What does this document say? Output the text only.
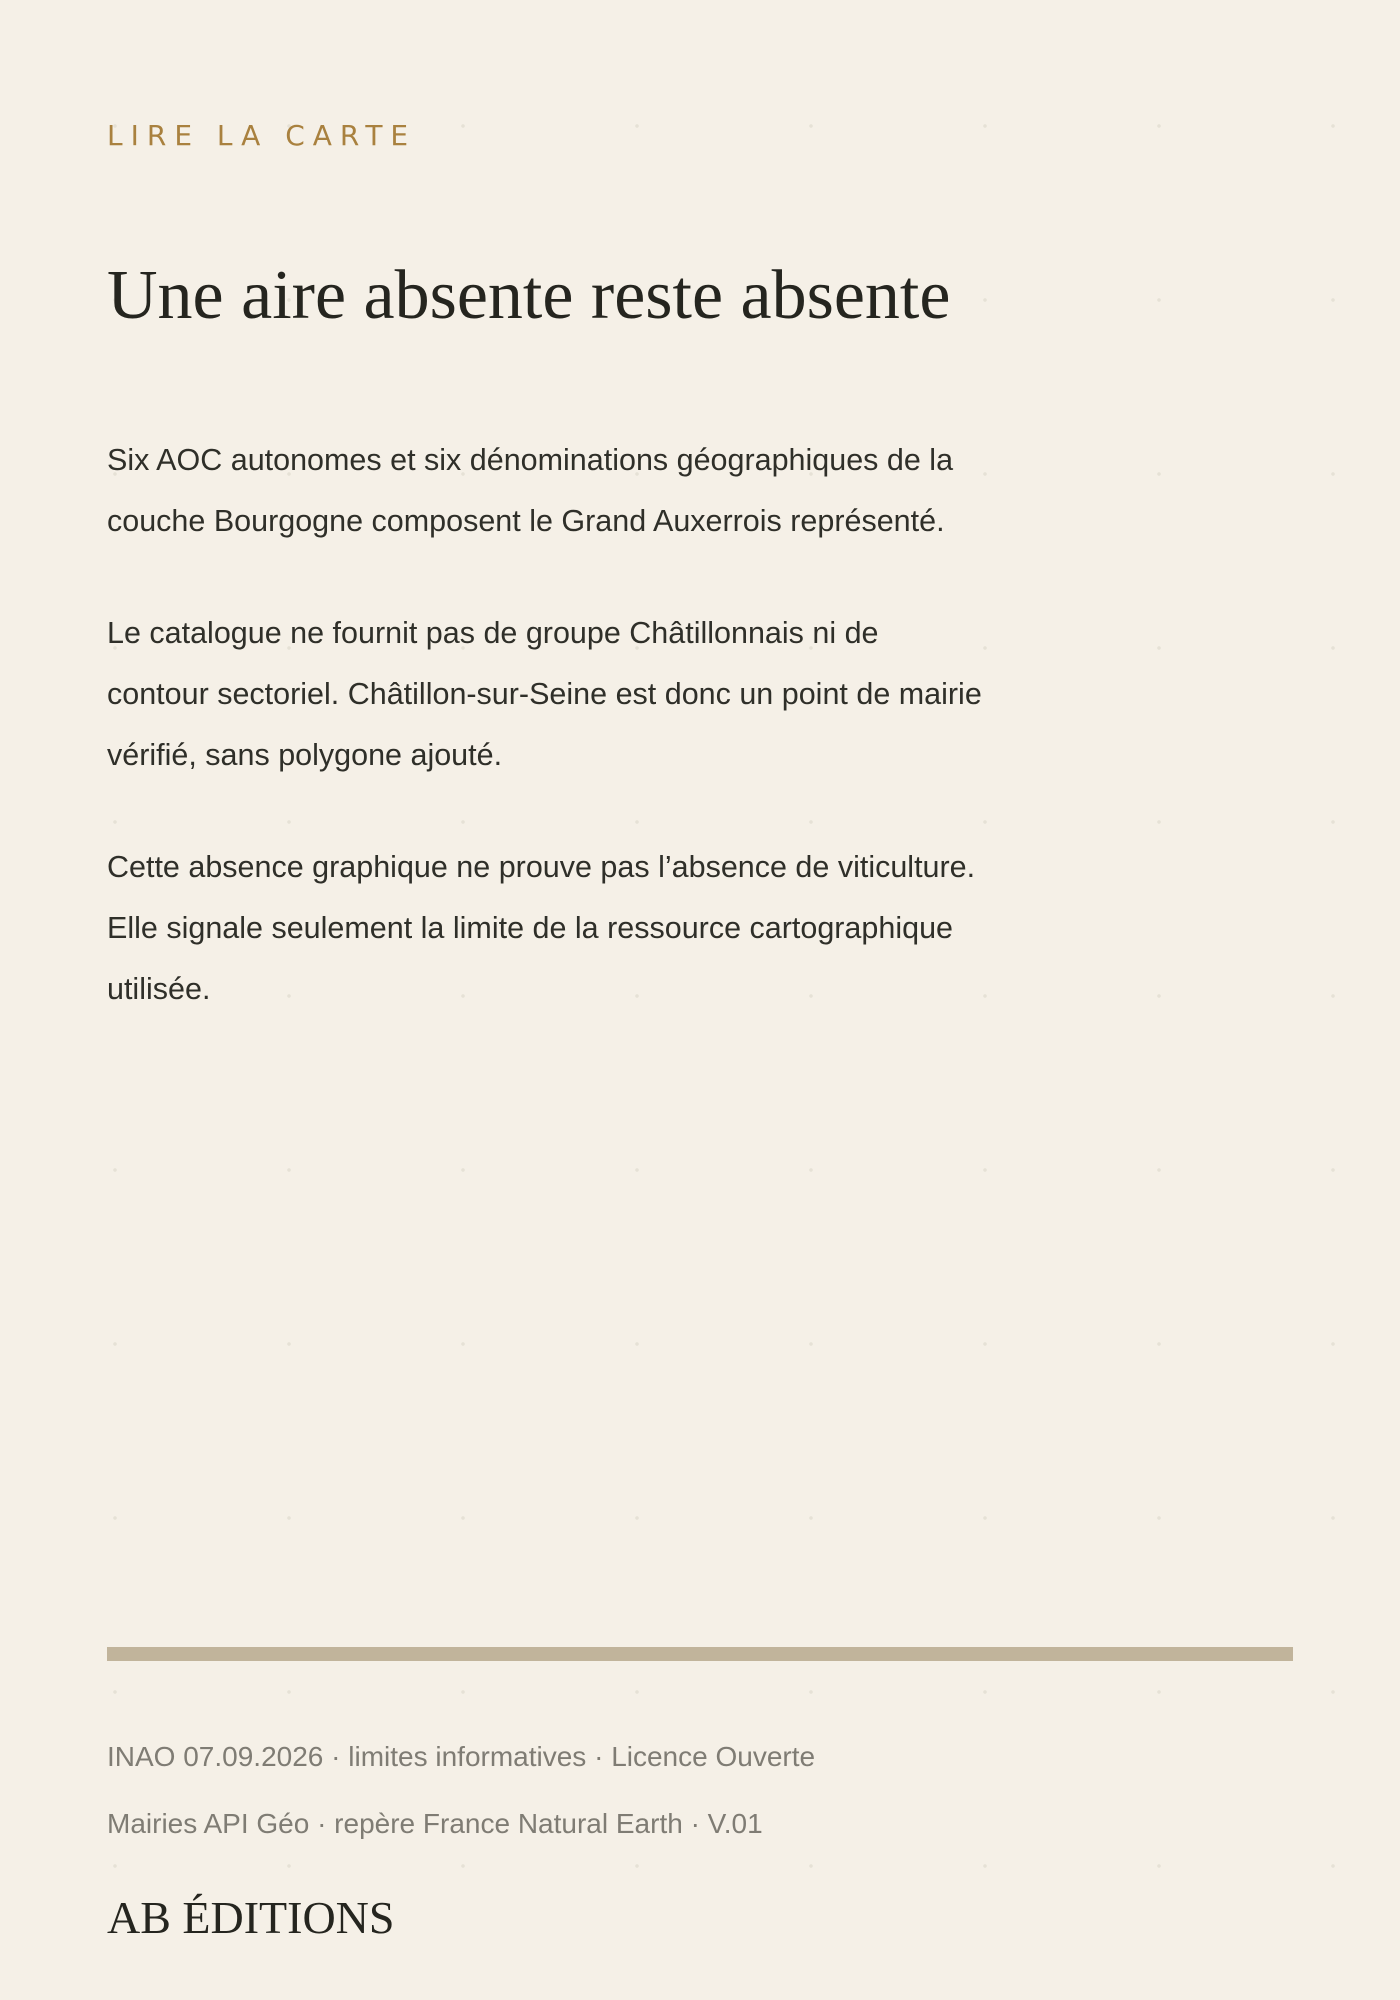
LIRE LA CARTE
Une aire absente reste absente

Six AOC autonomes et six dénominations géographiques de la couche Bourgogne composent le Grand Auxerrois représenté.

Le catalogue ne fournit pas de groupe Châtillonnais ni de contour sectoriel. Châtillon-sur-Seine est donc un point de mairie vérifié, sans polygone ajouté.

Cette absence graphique ne prouve pas l’absence de viticulture. Elle signale seulement la limite de la ressource cartographique utilisée.

INAO 07.09.2026 · limites informatives · Licence Ouverte
Mairies API Géo · repère France Natural Earth · V.01
AB ÉDITIONS
